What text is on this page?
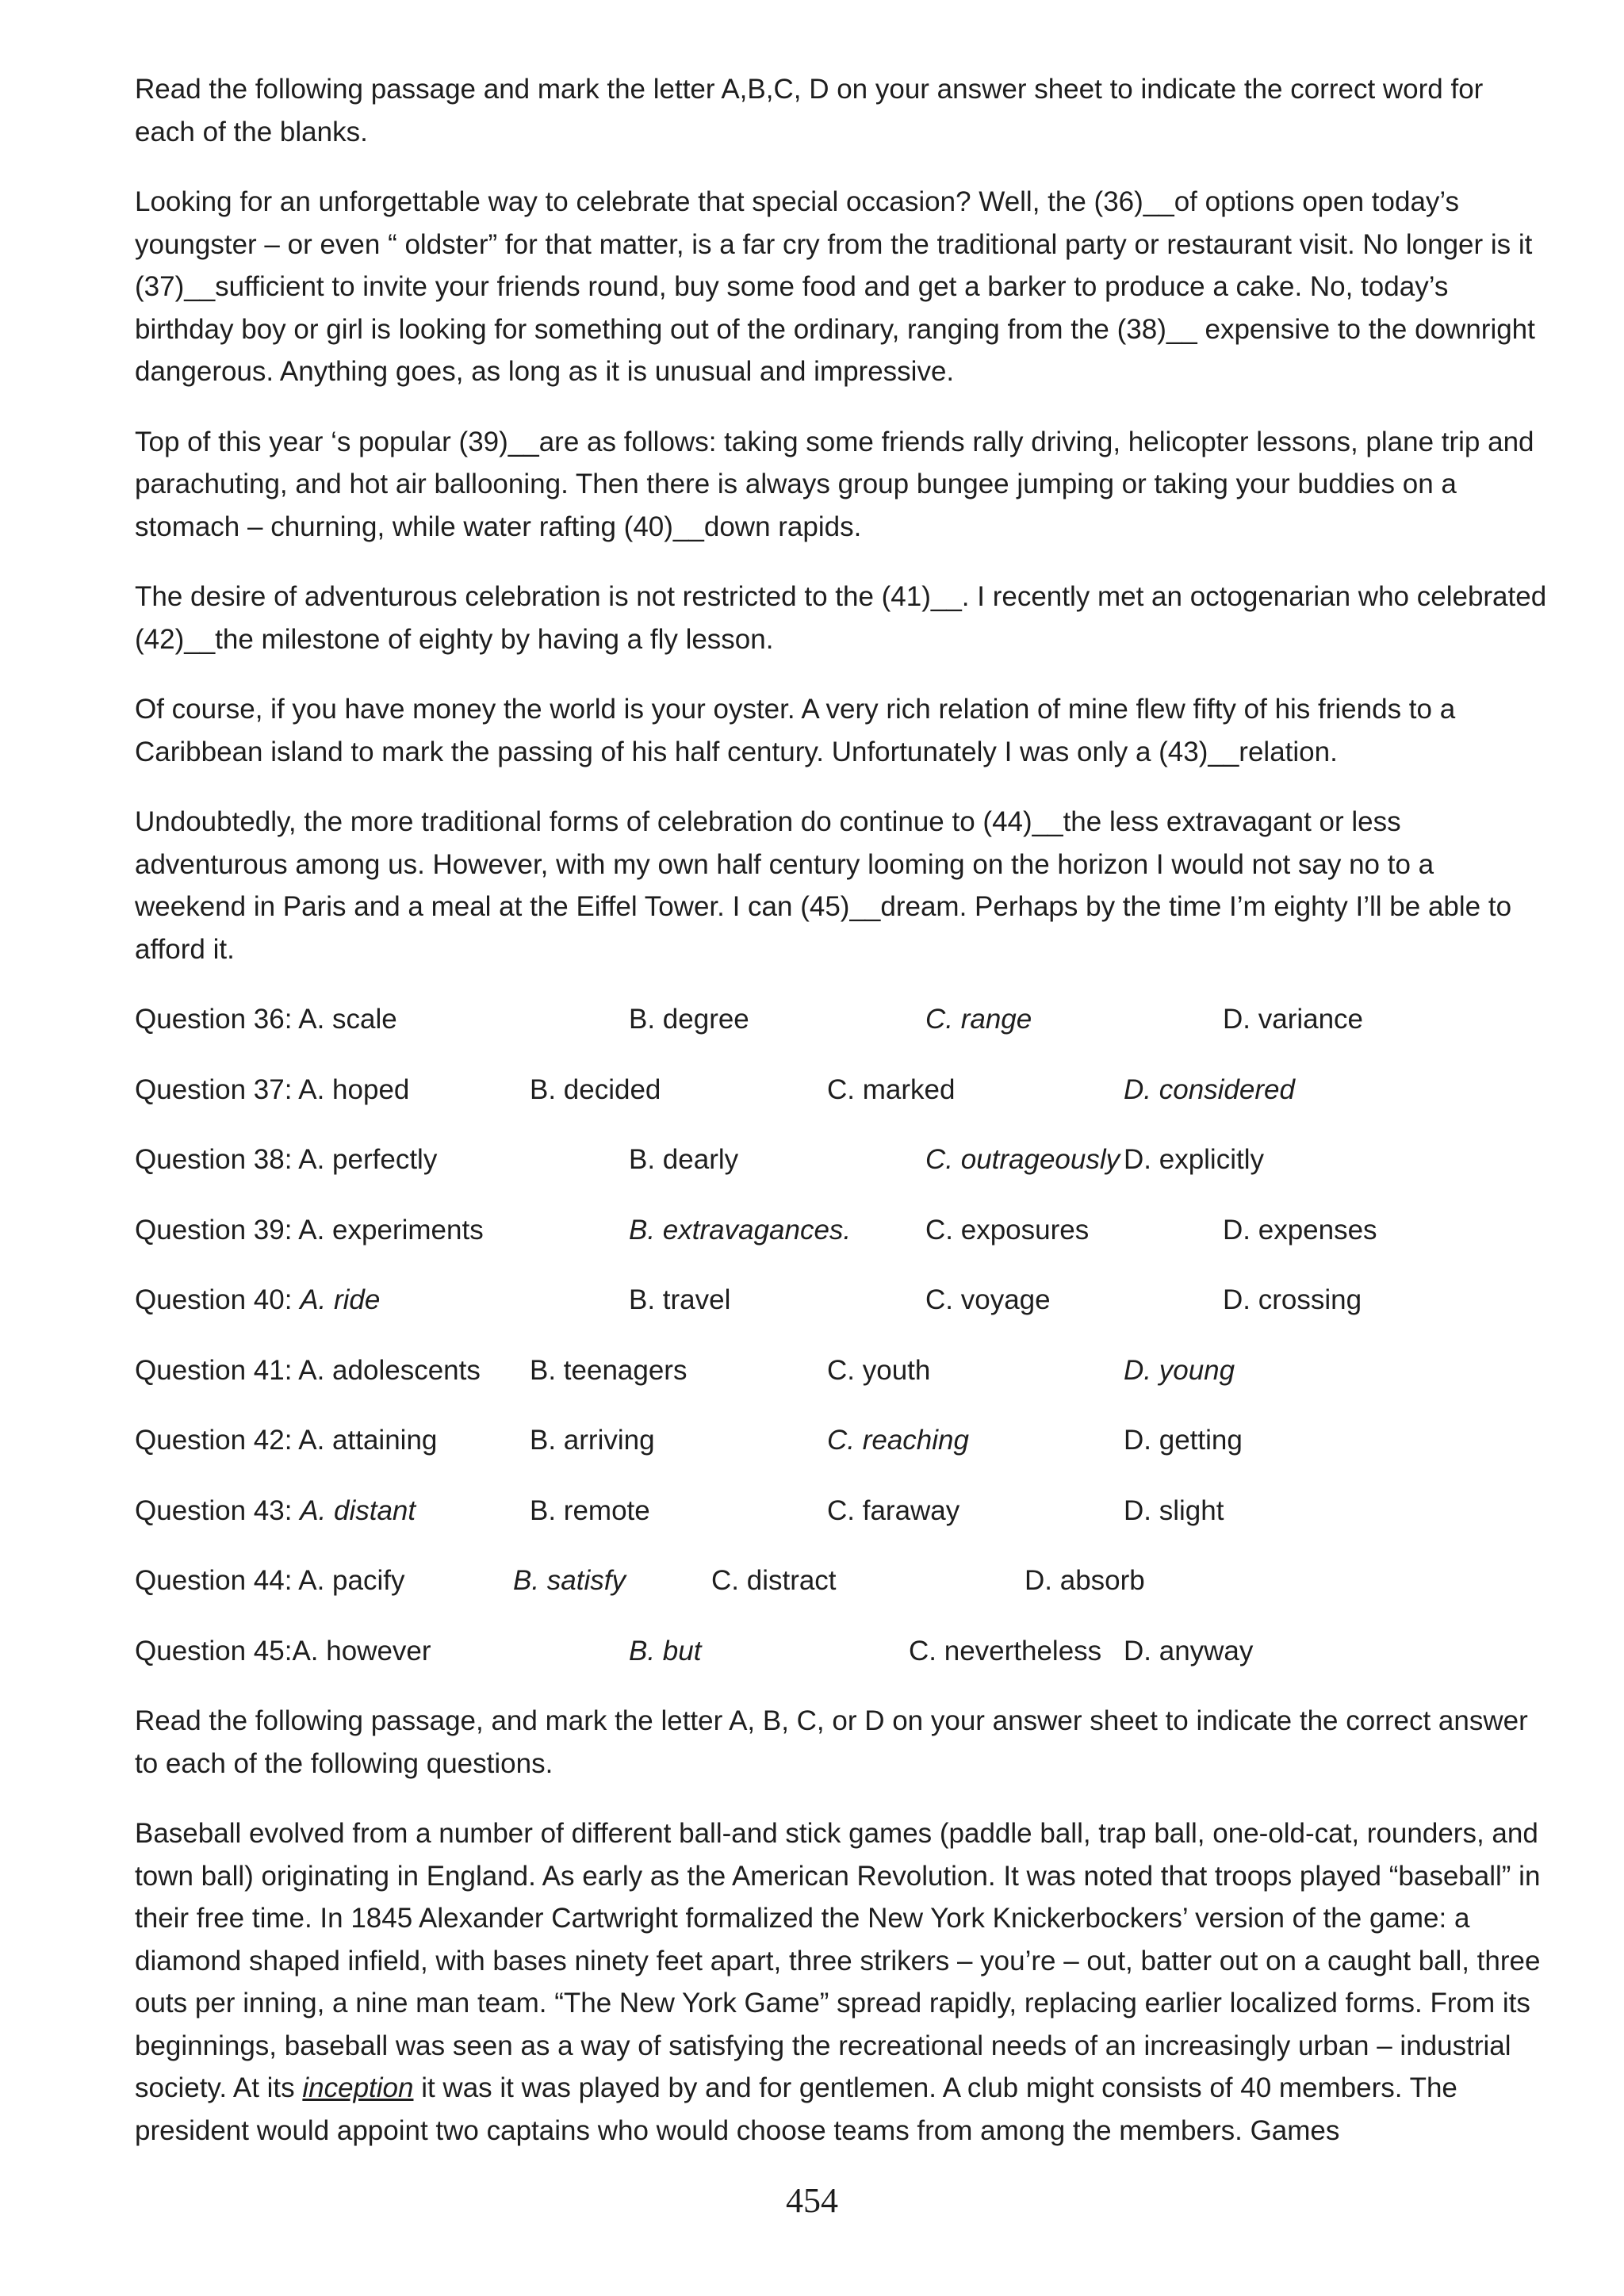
Read the following passage and mark the letter A,B,C, D on your answer sheet to indicate the correct word for each of the blanks.

Looking for an unforgettable way to celebrate that special occasion? Well, the (36)__of options open today’s youngster – or even “ oldster” for that matter, is a far cry from the traditional party or restaurant visit. No longer is it (37)__sufficient to invite your friends round, buy some food and get a barker to produce a cake. No, today’s birthday boy or girl is looking for something out of the ordinary, ranging from the (38)__ expensive to the downright dangerous. Anything goes, as long as it is unusual and impressive.

Top of this year ‘s popular (39)__are as follows: taking some friends rally driving, helicopter lessons, plane trip and parachuting, and hot air ballooning. Then there is always group bungee jumping or taking your buddies on a stomach – churning, while water rafting (40)__down rapids.

The desire of adventurous celebration is not restricted to the (41)__. I recently met an octogenarian who celebrated (42)__the milestone of eighty by having a fly lesson.

Of course, if you have money the world is your oyster. A very rich relation of mine flew fifty of his friends to a Caribbean island to mark the passing of his half century. Unfortunately I was only a (43)__relation.

Undoubtedly, the more traditional forms of celebration do continue to (44)__the less extravagant or less adventurous among us. However, with my own half century looming on the horizon I would not say no to a weekend in Paris and a meal at the Eiffel Tower. I can (45)__dream. Perhaps by the time I’m eighty I’ll be able to afford it.

Question 36: A. scale	B. degree	C. range	D. variance
Question 37: A. hoped	B. decided	C. marked	D. considered
Question 38: A. perfectly	B. dearly	C. outrageously D. explicitly
Question 39: A. experiments	B. extravagances.	C. exposures	D. expenses
Question 40: A. ride	B. travel	C. voyage	D. crossing
Question 41: A. adolescents B. teenagers	C. youth	D. young
Question 42: A. attaining	B. arriving	C. reaching	D. getting
Question 43: A. distant	B. remote	C. faraway	D. slight
Question 44: A. pacify	B. satisfy	C. distract	D. absorb
Question 45:A. however	B. but	C. nevertheless D. anyway

Read the following passage, and mark the letter A, B, C, or D on your answer sheet to indicate the correct answer to each of the following questions.

Baseball evolved from a number of different ball-and stick games (paddle ball, trap ball, one-old-cat, rounders, and town ball) originating in England. As early as the American Revolution. It was noted that troops played “baseball” in their free time. In 1845 Alexander Cartwright formalized the New York Knickerbockers’ version of the game: a diamond shaped infield, with bases ninety feet apart, three strikers – you’re – out, batter out on a caught ball, three outs per inning, a nine man team. “The New York Game” spread rapidly, replacing earlier localized forms. From its beginnings, baseball was seen as a way of satisfying the recreational needs of an increasingly urban – industrial society. At its inception it was it was played by and for gentlemen. A club might consists of 40 members. The president would appoint two captains who would choose teams from among the members. Games

454
